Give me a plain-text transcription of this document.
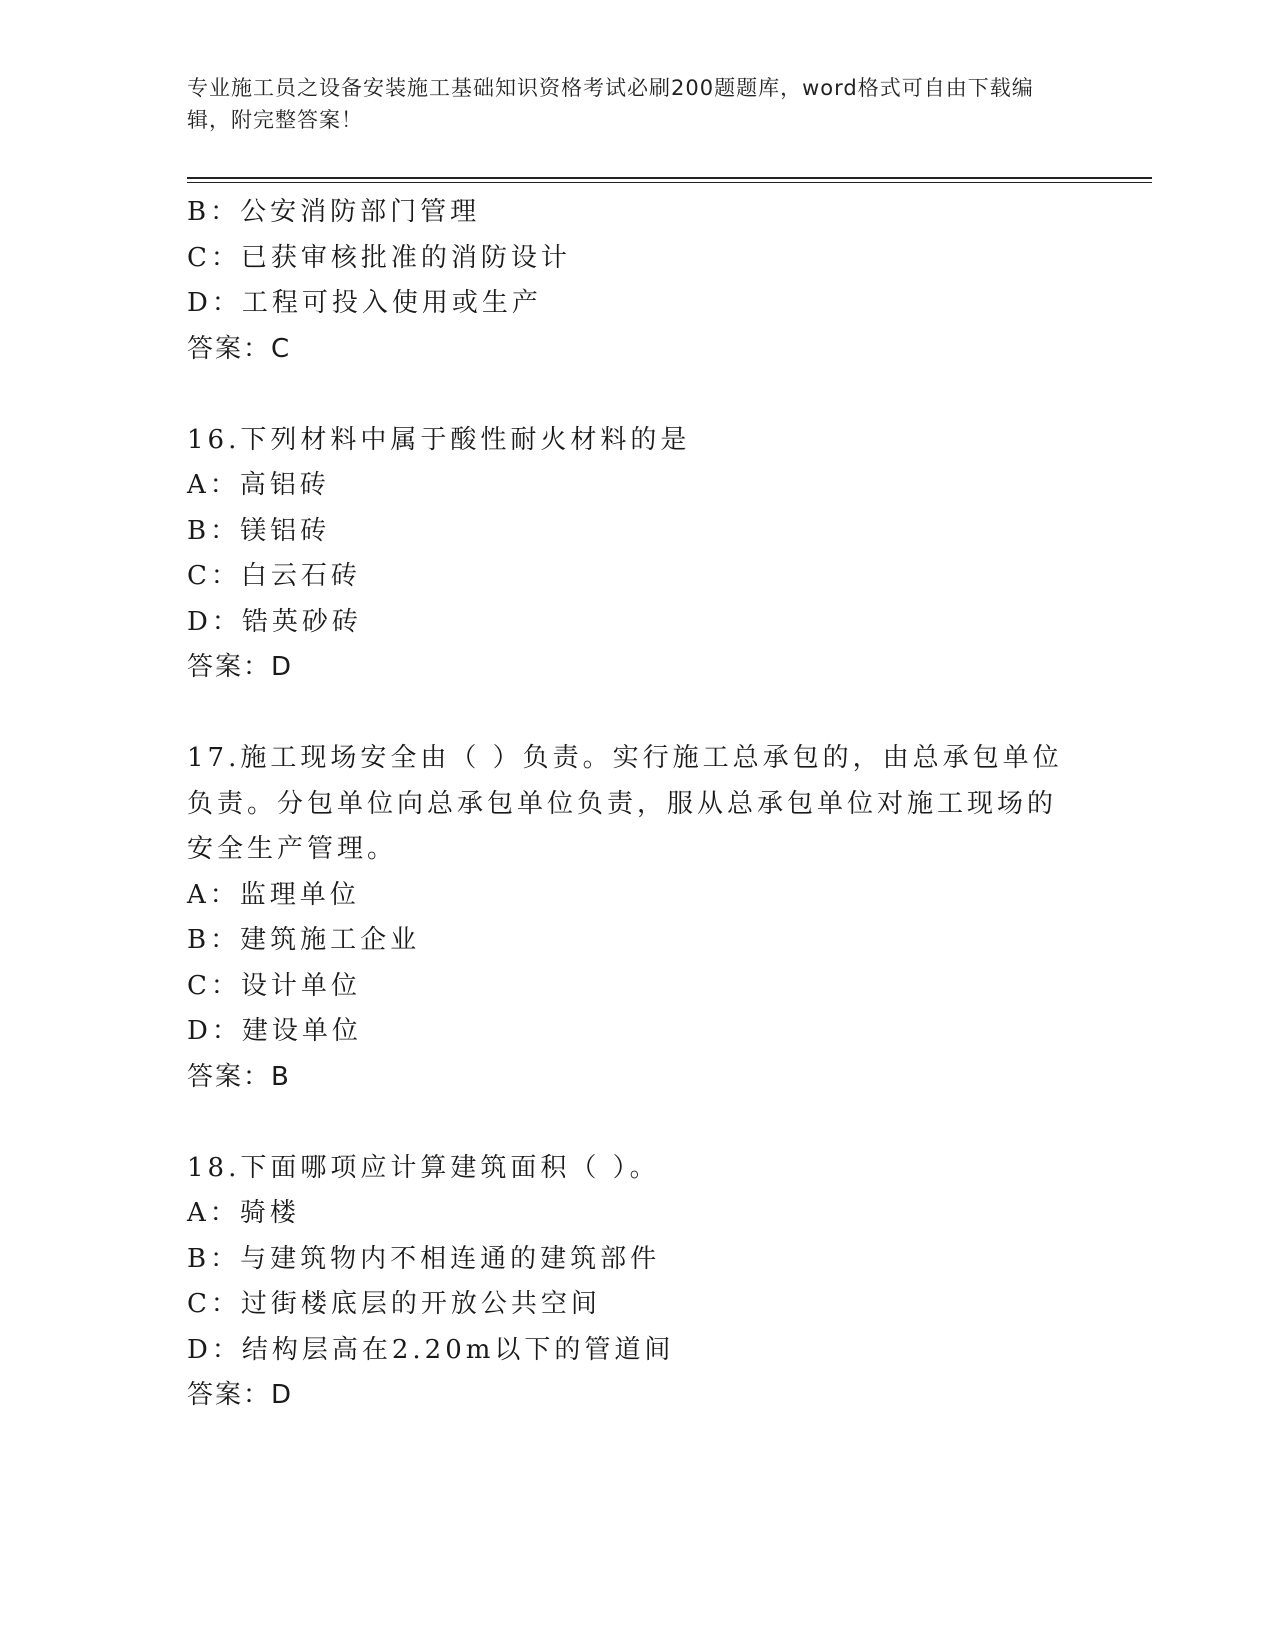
专业施工员之设备安装施工基础知识资格考试必刷200题题库，word格式可自由下载编辑，附完整答案！
B：公安消防部门管理
C：已获审核批准的消防设计
D：工程可投入使用或生产
答案：C
16.下列材料中属于酸性耐火材料的是
A：高铝砖
B：镁铝砖
C：白云石砖
D：锆英砂砖
答案：D
17.施工现场安全由（ ）负责。实行施工总承包的，由总承包单位负责。分包单位向总承包单位负责，服从总承包单位对施工现场的安全生产管理。
A：监理单位
B：建筑施工企业
C：设计单位
D：建设单位
答案：B
18.下面哪项应计算建筑面积（ ）。
A：骑楼
B：与建筑物内不相连通的建筑部件
C：过街楼底层的开放公共空间
D：结构层高在2.20m以下的管道间
答案：D
